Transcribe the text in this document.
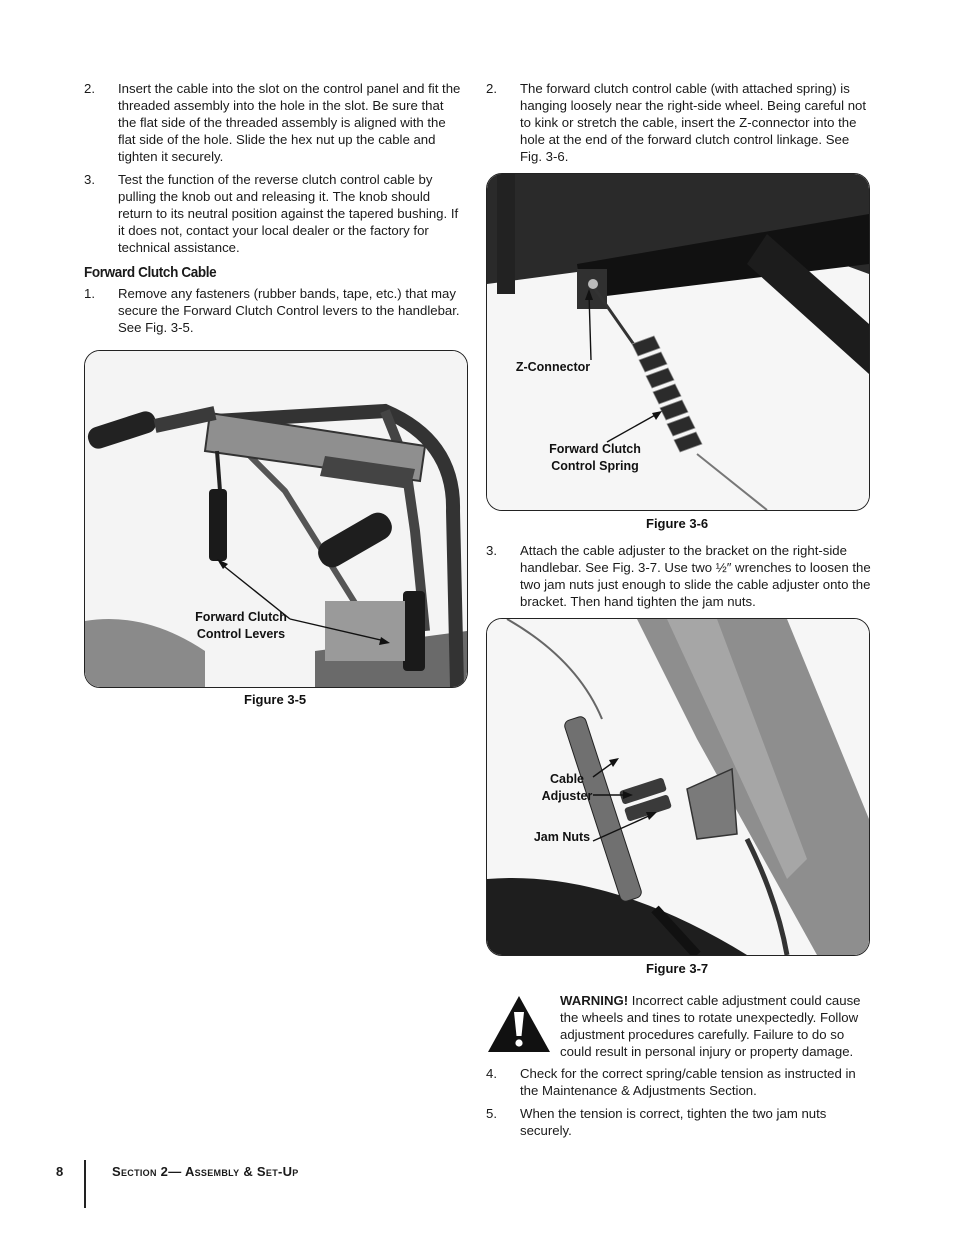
2. Insert the cable into the slot on the control panel and fit the threaded assembly into the hole in the slot. Be sure that the flat side of the threaded assembly is aligned with the flat side of the hole. Slide the hex nut up the cable and tighten it securely.
3. Test the function of the reverse clutch control cable by pulling the knob out and releasing it. The knob should return to its neutral position against the tapered bushing. If it does not, contact your local dealer or the factory for technical assistance.
Forward Clutch Cable
1. Remove any fasteners (rubber bands, tape, etc.) that may secure the Forward Clutch Control levers to the handlebar. See Fig. 3-5.
Forward Clutch
Control Levers
Figure 3-5
2. The forward clutch control cable (with attached spring) is hanging loosely near the right-side wheel. Being careful not to kink or stretch the cable, insert the Z-connector into the hole at the end of the forward clutch control linkage. See Fig. 3-6.
Z-Connector
Forward Clutch
Control Spring
Figure 3-6
3. Attach the cable adjuster to the bracket on the right-side handlebar. See Fig. 3-7. Use two ½″ wrenches to loosen the two jam nuts just enough to slide the cable adjuster onto the bracket. Then hand tighten the jam nuts.
Cable
Adjuster
Jam Nuts
Figure 3-7
WARNING! Incorrect cable adjustment could cause the wheels and tines to rotate unexpectedly. Follow adjustment procedures carefully. Failure to do so could result in personal injury or property damage.
4. Check for the correct spring/cable tension as instructed in the Maintenance & Adjustments Section.
5. When the tension is correct, tighten the two jam nuts securely.
8	Section 2— Assembly & Set-Up
